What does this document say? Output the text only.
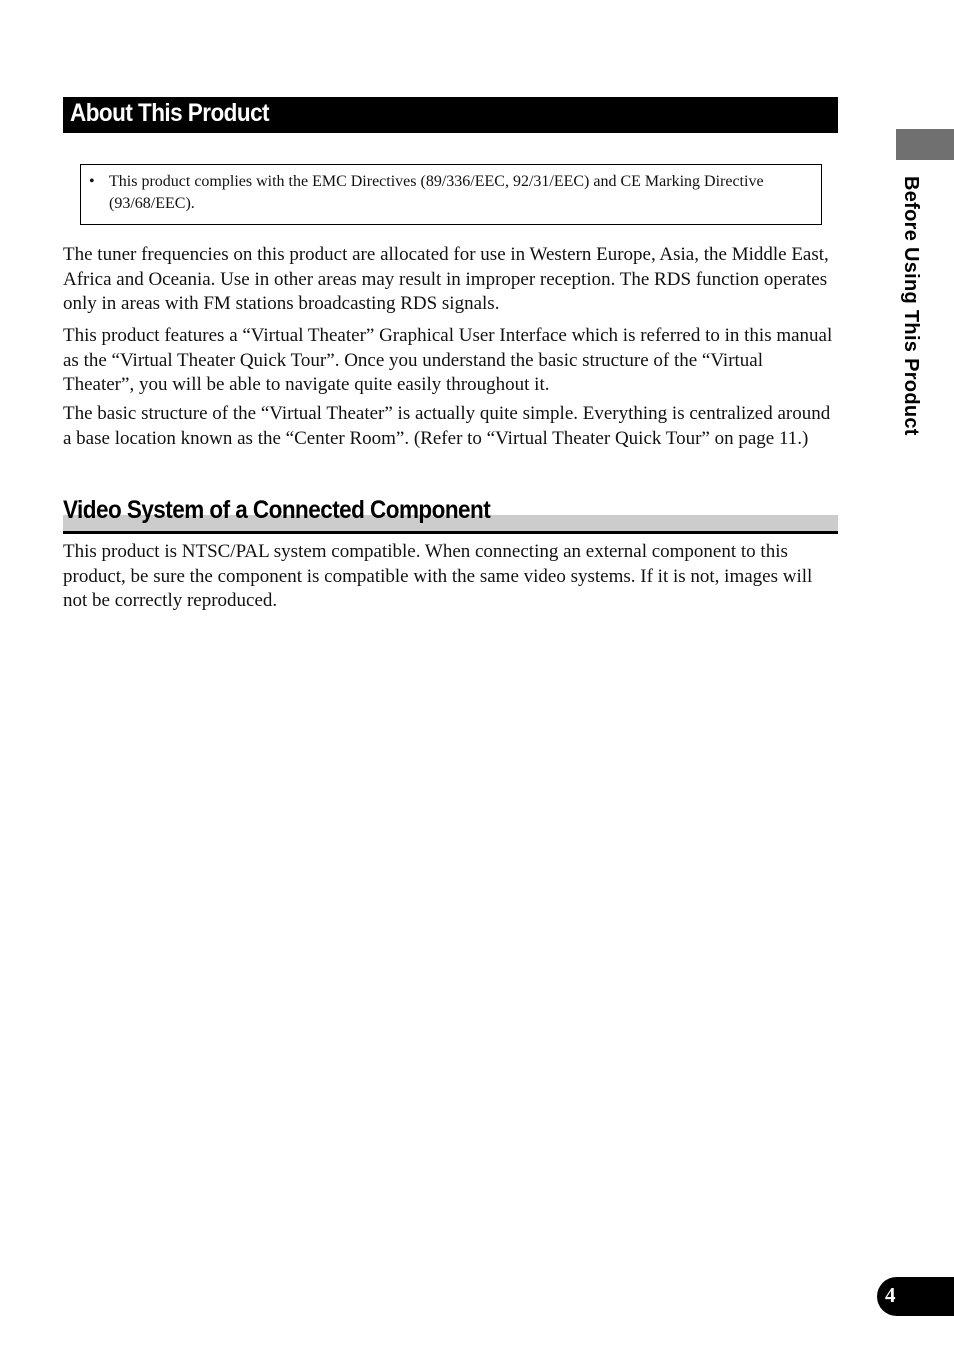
About This Product
• This product complies with the EMC Directives (89/336/EEC, 92/31/EEC) and CE Marking Directive (93/68/EEC).

The tuner frequencies on this product are allocated for use in Western Europe, Asia, the Middle East, Africa and Oceania. Use in other areas may result in improper reception. The RDS function operates only in areas with FM stations broadcasting RDS signals.

This product features a “Virtual Theater” Graphical User Interface which is referred to in this manual as the “Virtual Theater Quick Tour”. Once you understand the basic structure of the “Virtual Theater”, you will be able to navigate quite easily throughout it.

The basic structure of the “Virtual Theater” is actually quite simple. Everything is centralized around a base location known as the “Center Room”. (Refer to “Virtual Theater Quick Tour” on page 11.)

Video System of a Connected Component

This product is NTSC/PAL system compatible. When connecting an external component to this product, be sure the component is compatible with the same video systems. If it is not, images will not be correctly reproduced.

Before Using This Product
4
